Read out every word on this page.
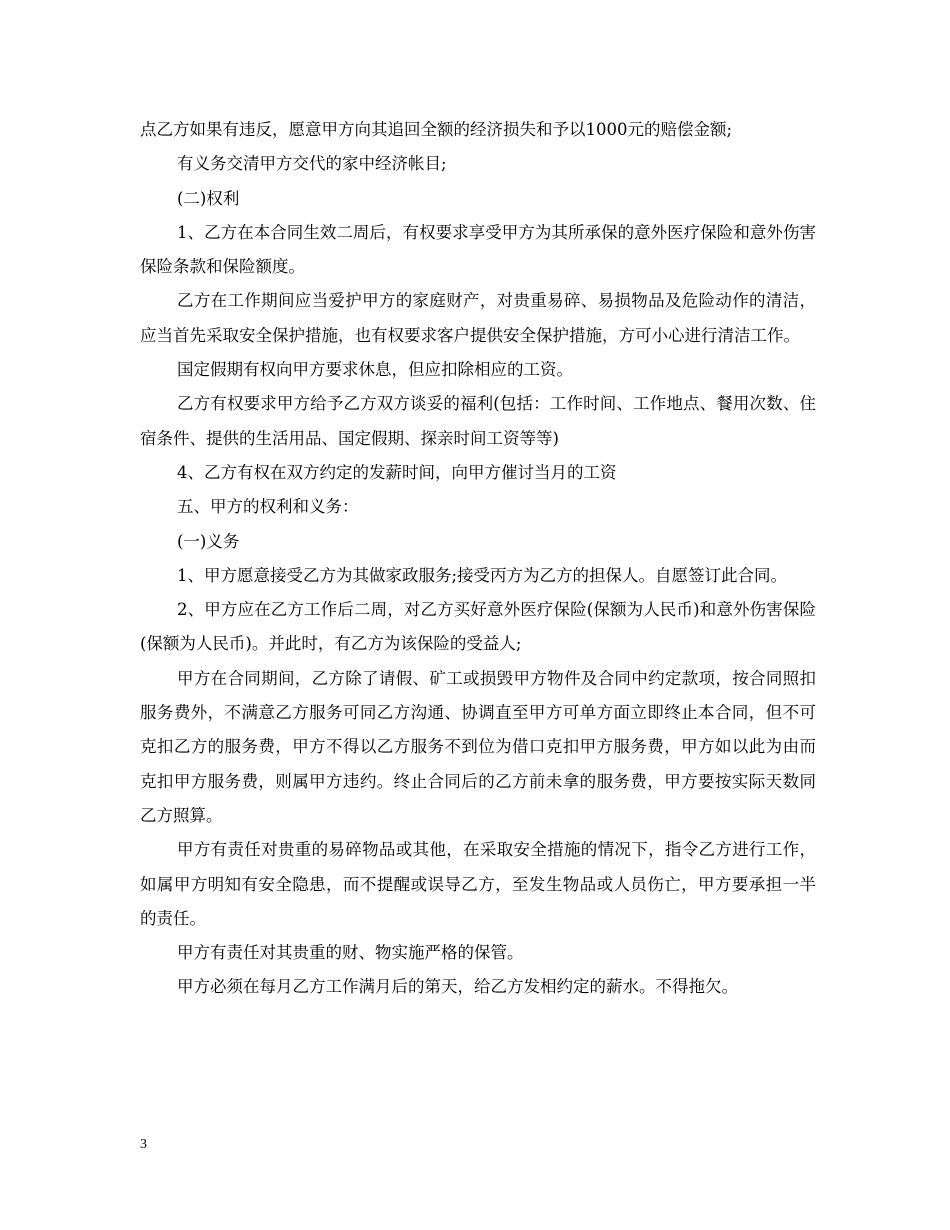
点乙方如果有违反，愿意甲方向其追回全额的经济损失和予以1000元的赔偿金额;

有义务交清甲方交代的家中经济帐目;

(二)权利

1、乙方在本合同生效二周后，有权要求享受甲方为其所承保的意外医疗保险和意外伤害保险条款和保险额度。

乙方在工作期间应当爱护甲方的家庭财产，对贵重易碎、易损物品及危险动作的清洁，应当首先采取安全保护措施，也有权要求客户提供安全保护措施，方可小心进行清洁工作。

国定假期有权向甲方要求休息，但应扣除相应的工资。

乙方有权要求甲方给予乙方双方谈妥的福利(包括：工作时间、工作地点、餐用次数、住宿条件、提供的生活用品、国定假期、探亲时间工资等等)

4、乙方有权在双方约定的发薪时间，向甲方催讨当月的工资

五、甲方的权利和义务：

(一)义务

1、甲方愿意接受乙方为其做家政服务;接受丙方为乙方的担保人。自愿签订此合同。

2、甲方应在乙方工作后二周，对乙方买好意外医疗保险(保额为人民币)和意外伤害保险(保额为人民币)。并此时，有乙方为该保险的受益人;

甲方在合同期间，乙方除了请假、矿工或损毁甲方物件及合同中约定款项，按合同照扣服务费外，不满意乙方服务可同乙方沟通、协调直至甲方可单方面立即终止本合同，但不可克扣乙方的服务费，甲方不得以乙方服务不到位为借口克扣甲方服务费，甲方如以此为由而克扣甲方服务费，则属甲方违约。终止合同后的乙方前未拿的服务费，甲方要按实际天数同乙方照算。

甲方有责任对贵重的易碎物品或其他，在采取安全措施的情况下，指令乙方进行工作，如属甲方明知有安全隐患，而不提醒或误导乙方，至发生物品或人员伤亡，甲方要承担一半的责任。

甲方有责任对其贵重的财、物实施严格的保管。

甲方必须在每月乙方工作满月后的第天，给乙方发相约定的薪水。不得拖欠。

3
